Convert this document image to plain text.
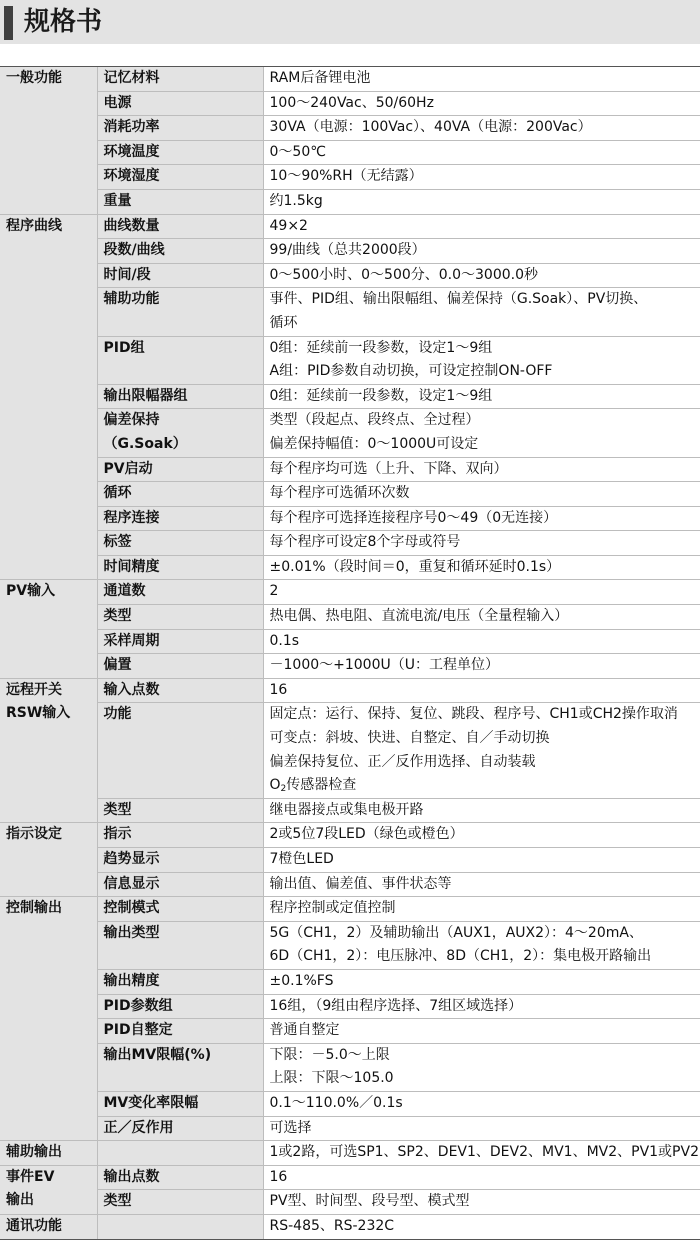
规格书
一般功能	记忆材料	RAM后备锂电池

	电源	100～240Vac、50/60Hz

	消耗功率	30VA（电源：100Vac）、40VA（电源：200Vac）

	环境温度	0～50℃

	环境湿度	10～90%RH（无结露）

	重量	约1.5kg

程序曲线	曲线数量	49×2

	段数/曲线	99/曲线（总共2000段）

	时间/段	0～500小时、0～500分、0.0～3000.0秒

	辅助功能	事件、PID组、输出限幅组、偏差保持（G.Soak）、PV切换、
循环

	PID组	0组：延续前一段参数，设定1～9组
A组：PID参数自动切换，可设定控制ON-OFF

	输出限幅器组	0组：延续前一段参数，设定1～9组

	偏差保持
（G.Soak）	类型（段起点、段终点、全过程）
偏差保持幅值：0～1000U可设定

	PV启动	每个程序均可选（上升、下降、双向）

	循环	每个程序可选循环次数

	程序连接	每个程序可选择连接程序号0～49（0无连接）

	标签	每个程序可设定8个字母或符号

	时间精度	±0.01%（段时间＝0，重复和循环延时0.1s）

PV输入	通道数	2

	类型	热电偶、热电阻、直流电流/电压（全量程输入）

	采样周期	0.1s

	偏置	－1000～+1000U（U：工程单位）

远程开关
RSW输入	输入点数	16

	功能	固定点：运行、保持、复位、跳段、程序号、CH1或CH2操作取消
可变点：斜坡、快进、自整定、自／手动切换
偏差保持复位、正／反作用选择、自动装载
$O_2$传感器检查

	类型	继电器接点或集电极开路

指示设定	指示	2或5位7段LED（绿色或橙色）

	趋势显示	7橙色LED

	信息显示	输出值、偏差值、事件状态等

控制输出	控制模式	程序控制或定值控制

	输出类型	5G（CH1，2）及辅助输出（AUX1，AUX2）：4～20mA、
6D（CH1，2）：电压脉冲、8D（CH1，2）：集电极开路输出

	输出精度	±0.1%FS

	PID参数组	16组，（9组由程序选择、7组区域选择）

	PID自整定	普通自整定

	输出MV限幅(%)	下限：－5.0～上限
上限：下限～105.0

	MV变化率限幅	0.1～110.0%／0.1s

	正／反作用	可选择

辅助输出		1或2路，可选SP1、SP2、DEV1、DEV2、MV1、MV2、PV1或PV2

事件EV
输出	输出点数	16

	类型	PV型、时间型、段号型、模式型

通讯功能		RS-485、RS-232C
